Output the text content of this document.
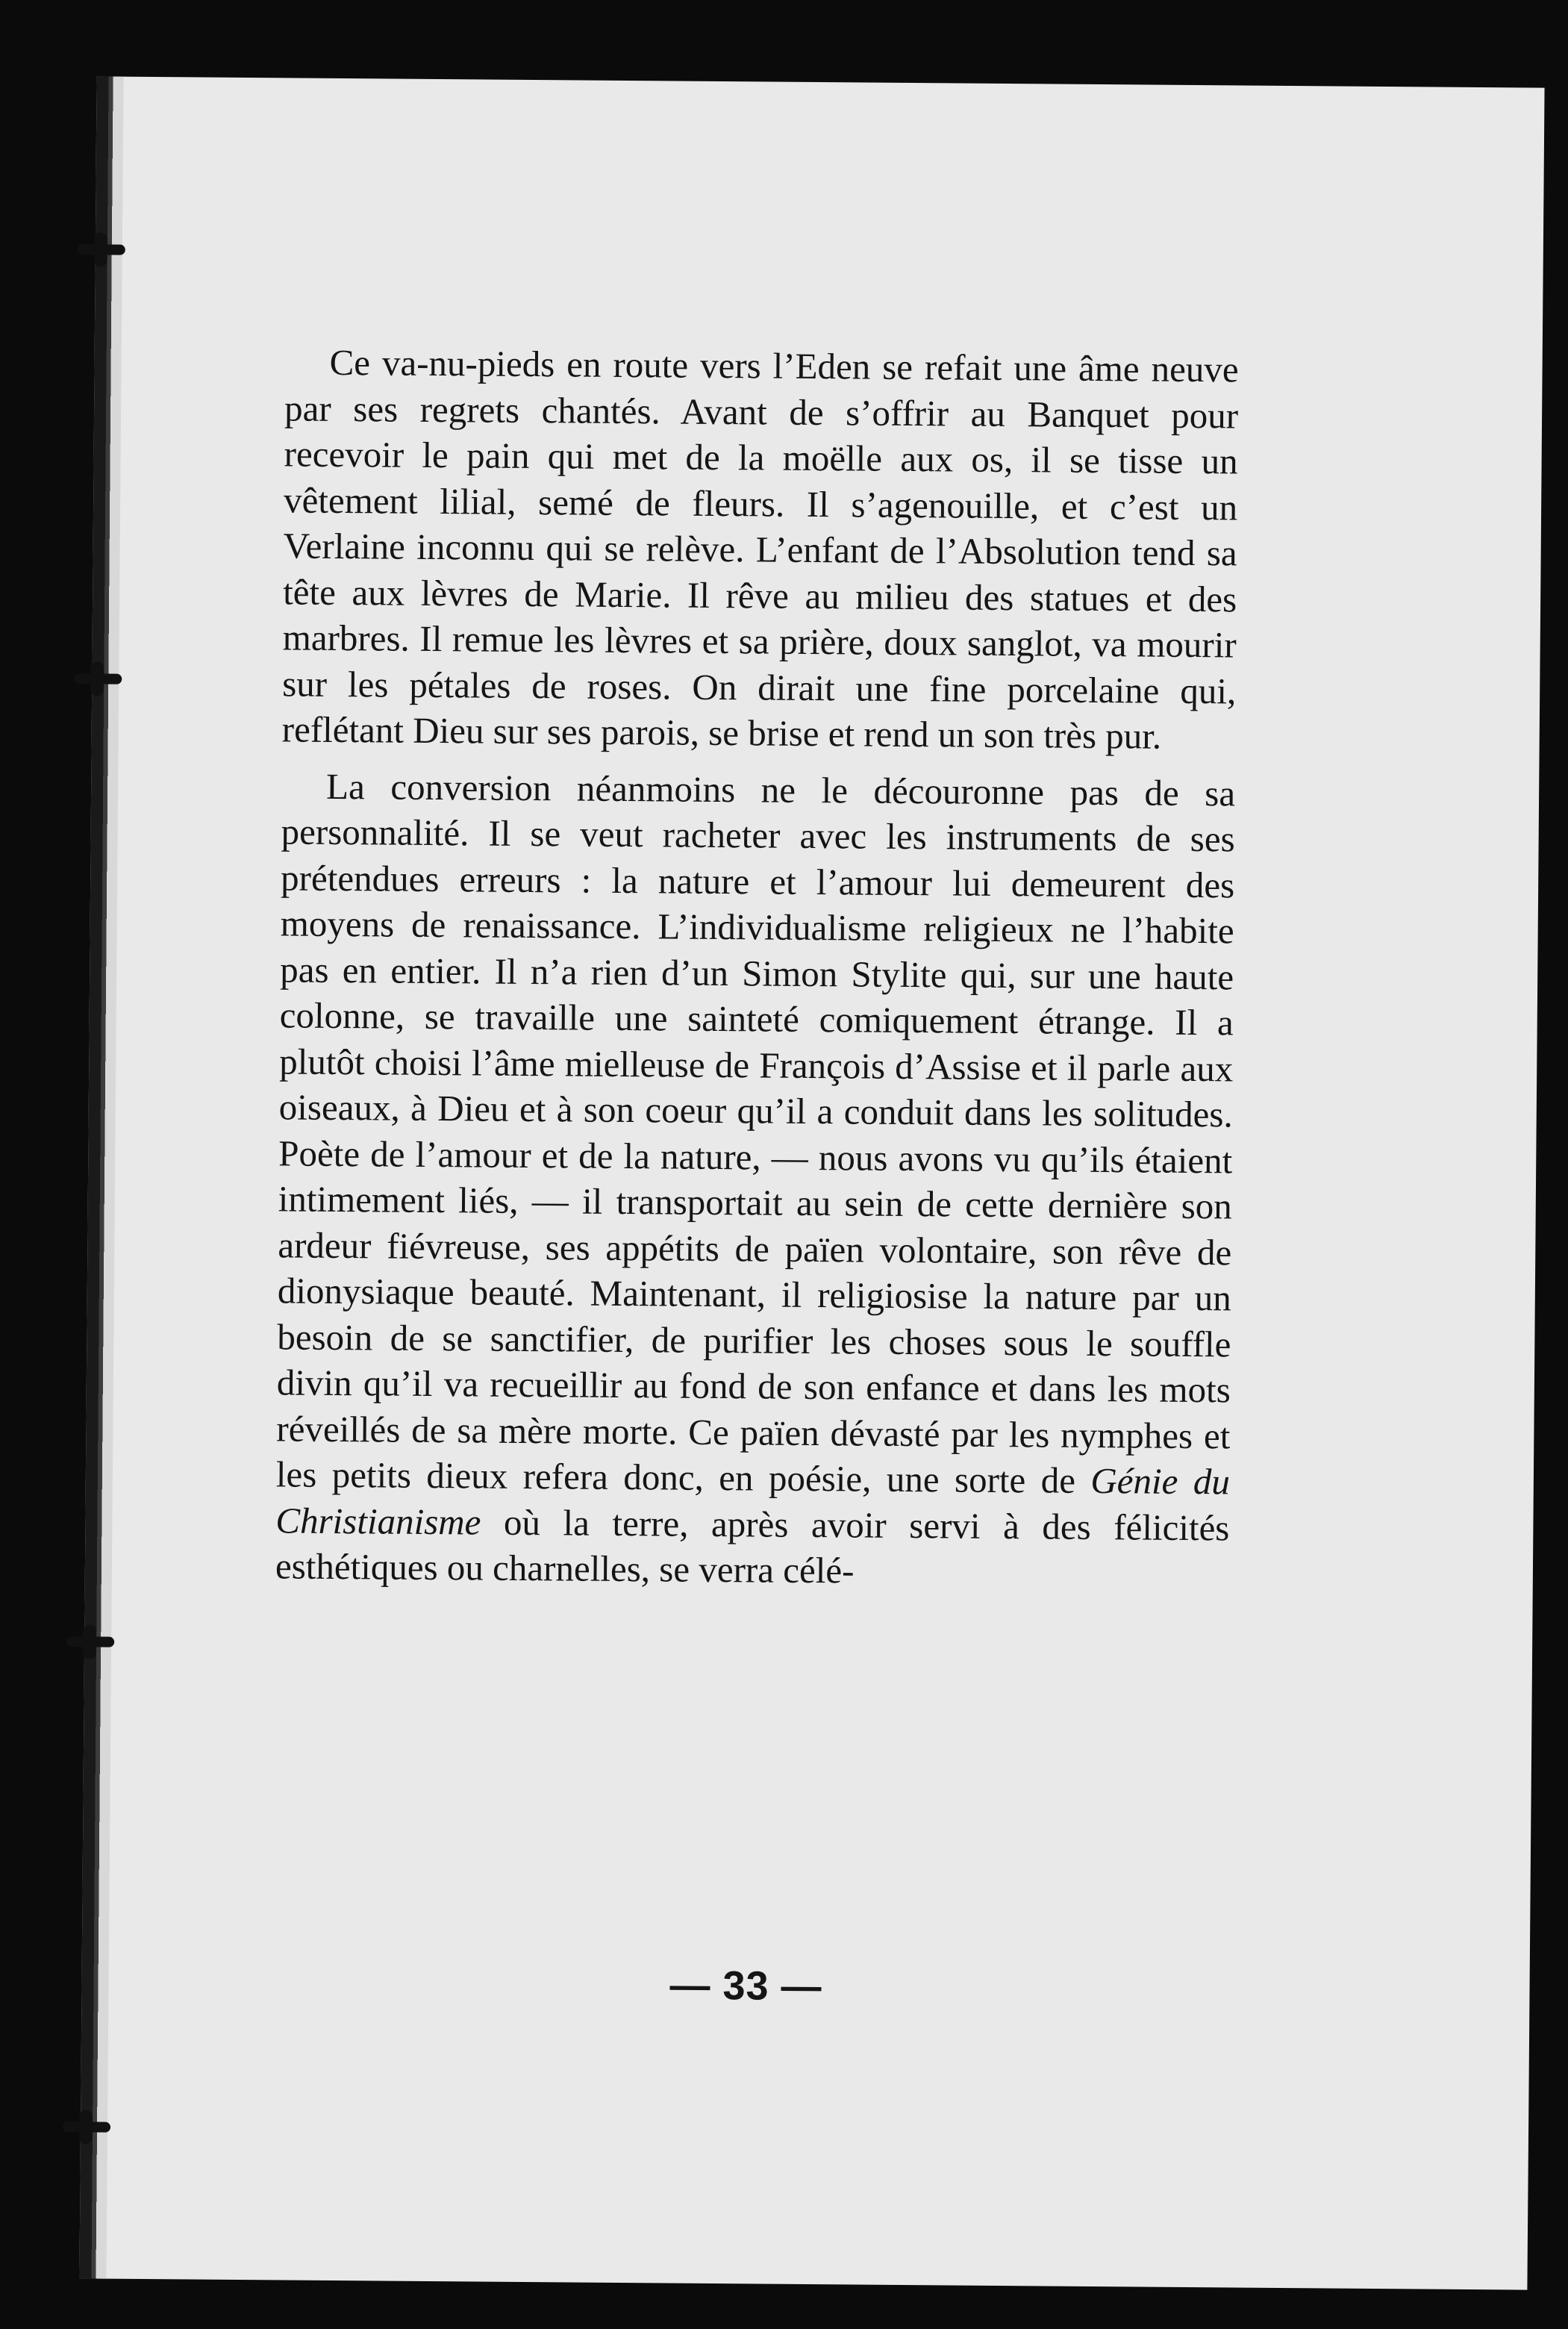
Ce va-nu-pieds en route vers l’Eden se refait une âme neuve par ses regrets chantés. Avant de s’offrir au Banquet pour recevoir le pain qui met de la moëlle aux os, il se tisse un vêtement lilial, semé de fleurs. Il s’agenouille, et c’est un Verlaine inconnu qui se relève. L’enfant de l’Absolution tend sa tête aux lèvres de Marie. Il rêve au milieu des statues et des marbres. Il remue les lèvres et sa prière, doux sanglot, va mourir sur les pétales de roses. On dirait une fine porcelaine qui, reflétant Dieu sur ses parois, se brise et rend un son très pur.

La conversion néanmoins ne le découronne pas de sa personnalité. Il se veut racheter avec les instruments de ses prétendues erreurs : la nature et l’amour lui demeurent des moyens de renaissance. L’individualisme religieux ne l’habite pas en entier. Il n’a rien d’un Simon Stylite qui, sur une haute colonne, se travaille une sainteté comiquement étrange. Il a plutôt choisi l’âme mielleuse de François d’Assise et il parle aux oiseaux, à Dieu et à son coeur qu’il a conduit dans les solitudes. Poète de l’amour et de la nature, — nous avons vu qu’ils étaient intimement liés, — il transportait au sein de cette dernière son ardeur fiévreuse, ses appétits de païen volontaire, son rêve de dionysiaque beauté. Maintenant, il religiosise la nature par un besoin de se sanctifier, de purifier les choses sous le souffle divin qu’il va recueillir au fond de son enfance et dans les mots réveillés de sa mère morte. Ce païen dévasté par les nymphes et les petits dieux refera donc, en poésie, une sorte de Génie du Christianisme où la terre, après avoir servi à des félicités esthétiques ou charnelles, se verra célé-

— 33 —
